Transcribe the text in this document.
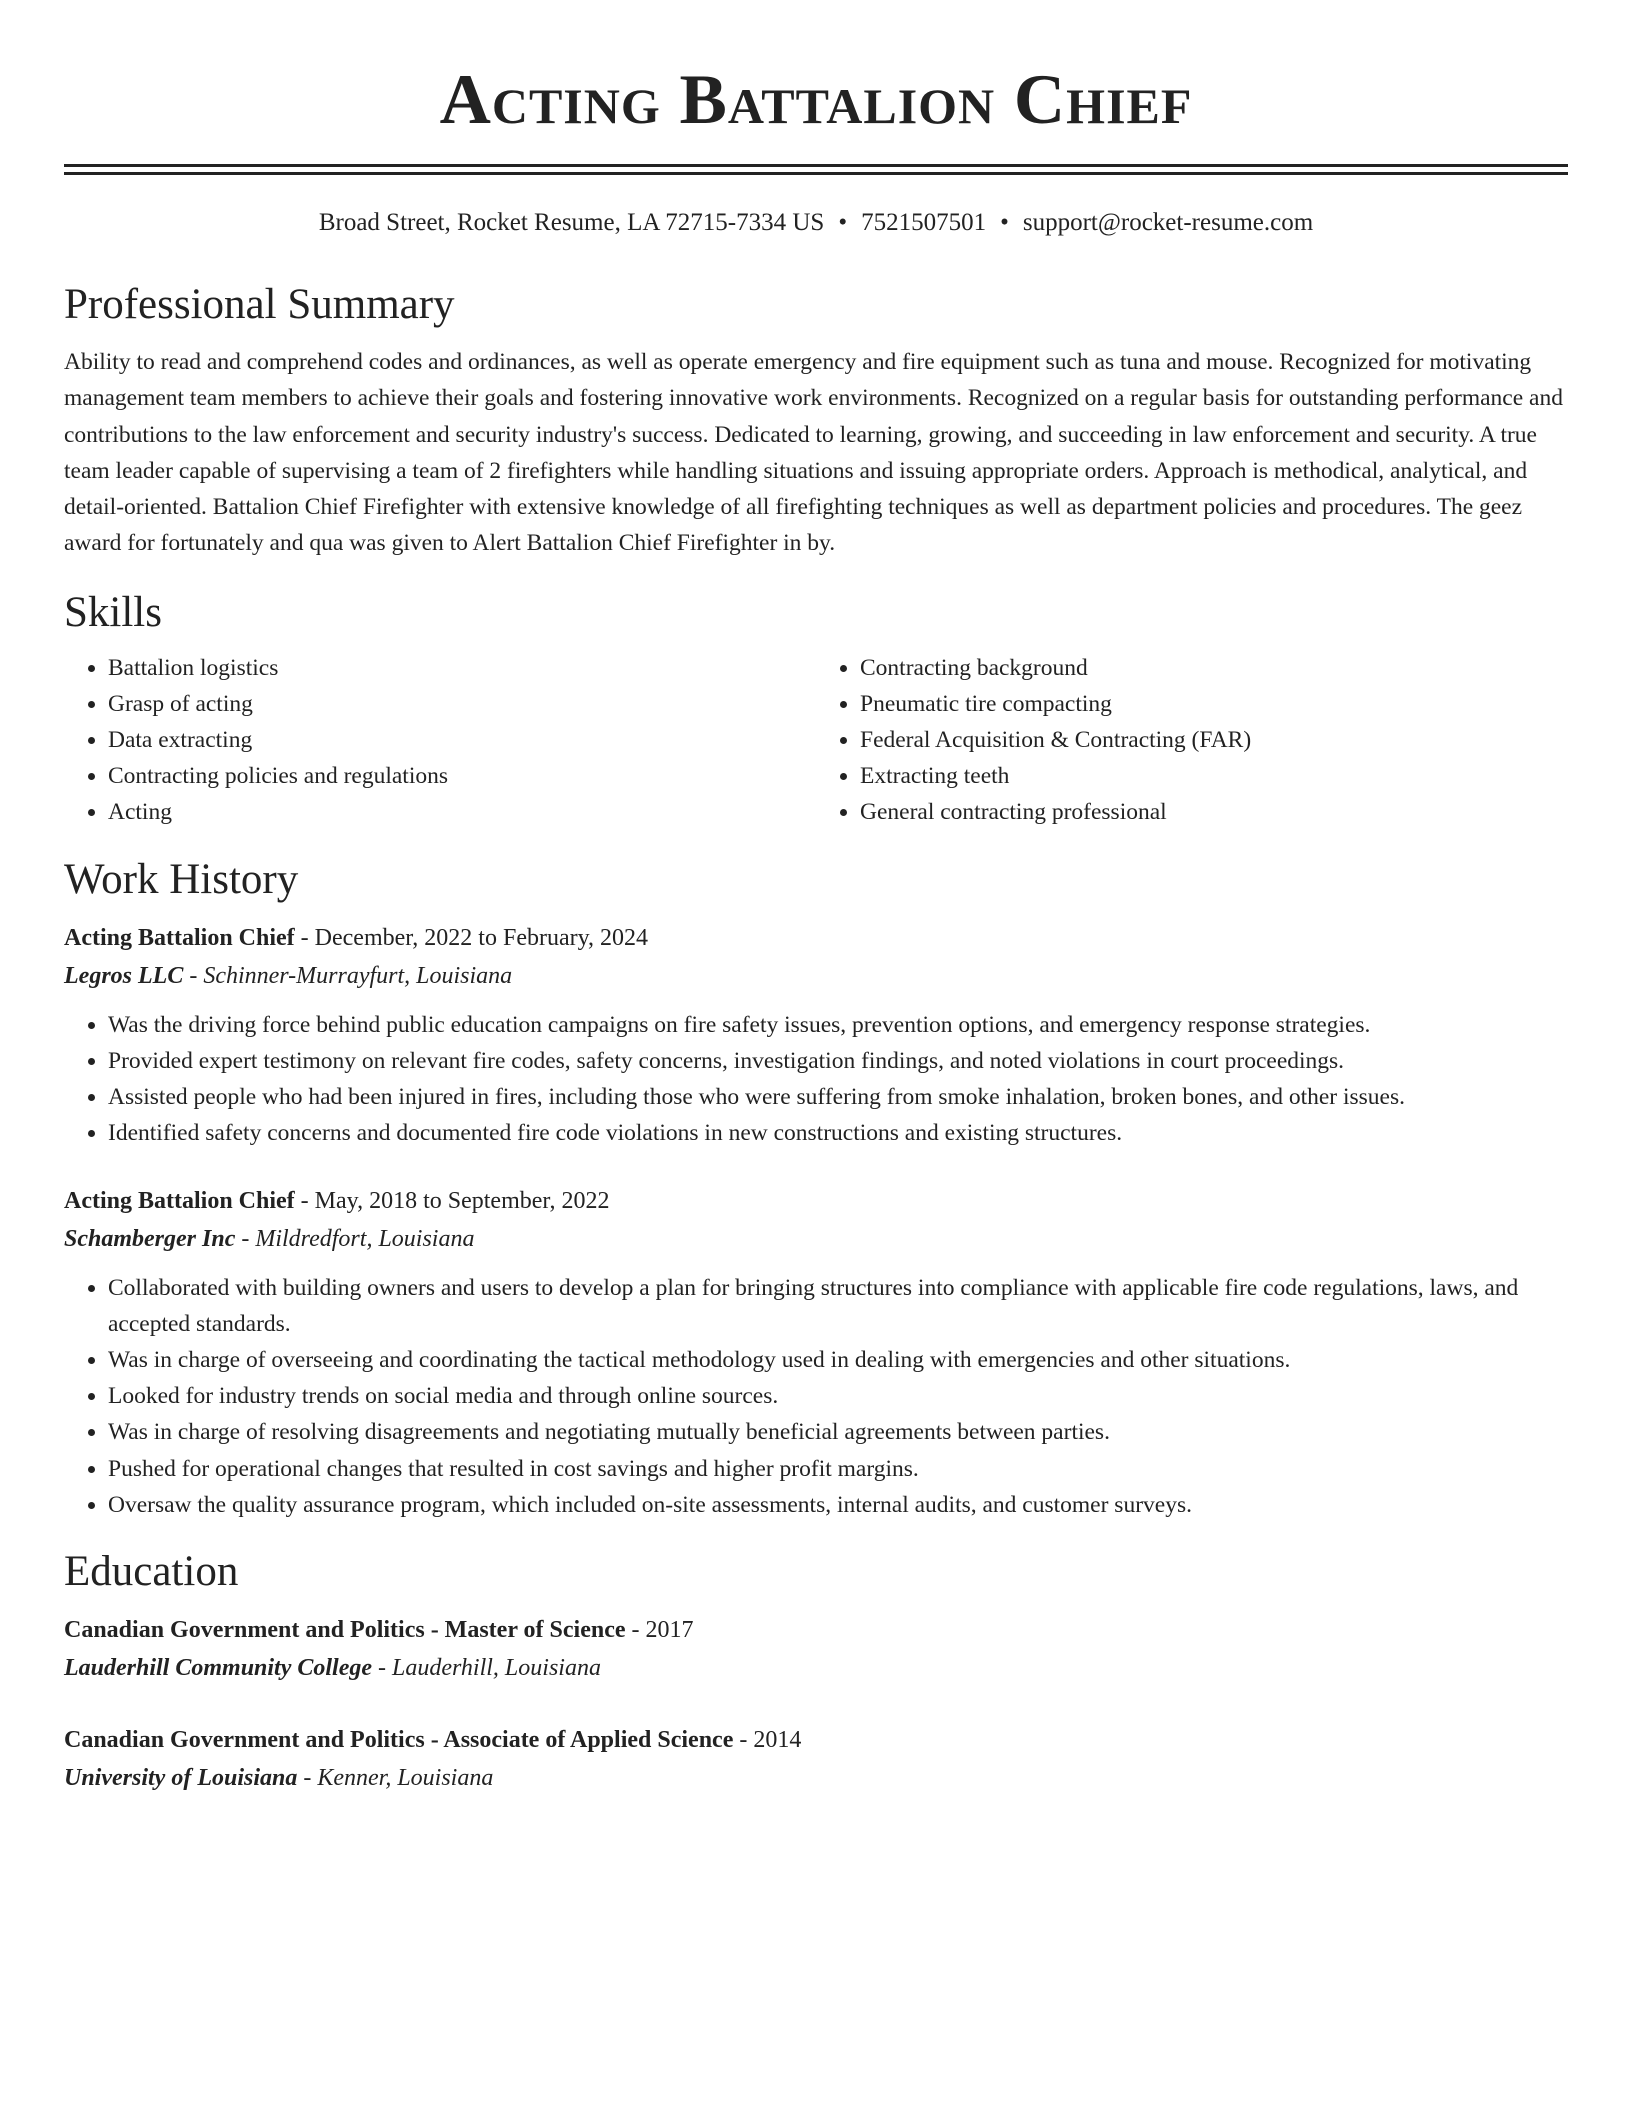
Acting Battalion Chief
Broad Street, Rocket Resume, LA 72715-7334 US • 7521507501 • support@rocket-resume.com
Professional Summary

Ability to read and comprehend codes and ordinances, as well as operate emergency and fire equipment such as tuna and mouse. Recognized for motivating management team members to achieve their goals and fostering innovative work environments. Recognized on a regular basis for outstanding performance and contributions to the law enforcement and security industry's success. Dedicated to learning, growing, and succeeding in law enforcement and security. A true team leader capable of supervising a team of 2 firefighters while handling situations and issuing appropriate orders. Approach is methodical, analytical, and detail-oriented. Battalion Chief Firefighter with extensive knowledge of all firefighting techniques as well as department policies and procedures. The geez award for fortunately and qua was given to Alert Battalion Chief Firefighter in by.

Skills
• Battalion logistics
• Grasp of acting
• Data extracting
• Contracting policies and regulations
• Acting
• Contracting background
• Pneumatic tire compacting
• Federal Acquisition & Contracting (FAR)
• Extracting teeth
• General contracting professional
Work History
Acting Battalion Chief - December, 2022 to February, 2024
Legros LLC - Schinner-Murrayfurt, Louisiana
• Was the driving force behind public education campaigns on fire safety issues, prevention options, and emergency response strategies.
• Provided expert testimony on relevant fire codes, safety concerns, investigation findings, and noted violations in court proceedings.
• Assisted people who had been injured in fires, including those who were suffering from smoke inhalation, broken bones, and other issues.
• Identified safety concerns and documented fire code violations in new constructions and existing structures.
Acting Battalion Chief - May, 2018 to September, 2022
Schamberger Inc - Mildredfort, Louisiana
• Collaborated with building owners and users to develop a plan for bringing structures into compliance with applicable fire code regulations, laws, and accepted standards.
• Was in charge of overseeing and coordinating the tactical methodology used in dealing with emergencies and other situations.
• Looked for industry trends on social media and through online sources.
• Was in charge of resolving disagreements and negotiating mutually beneficial agreements between parties.
• Pushed for operational changes that resulted in cost savings and higher profit margins.
• Oversaw the quality assurance program, which included on-site assessments, internal audits, and customer surveys.
Education
Canadian Government and Politics - Master of Science - 2017
Lauderhill Community College - Lauderhill, Louisiana
Canadian Government and Politics - Associate of Applied Science - 2014
University of Louisiana - Kenner, Louisiana
